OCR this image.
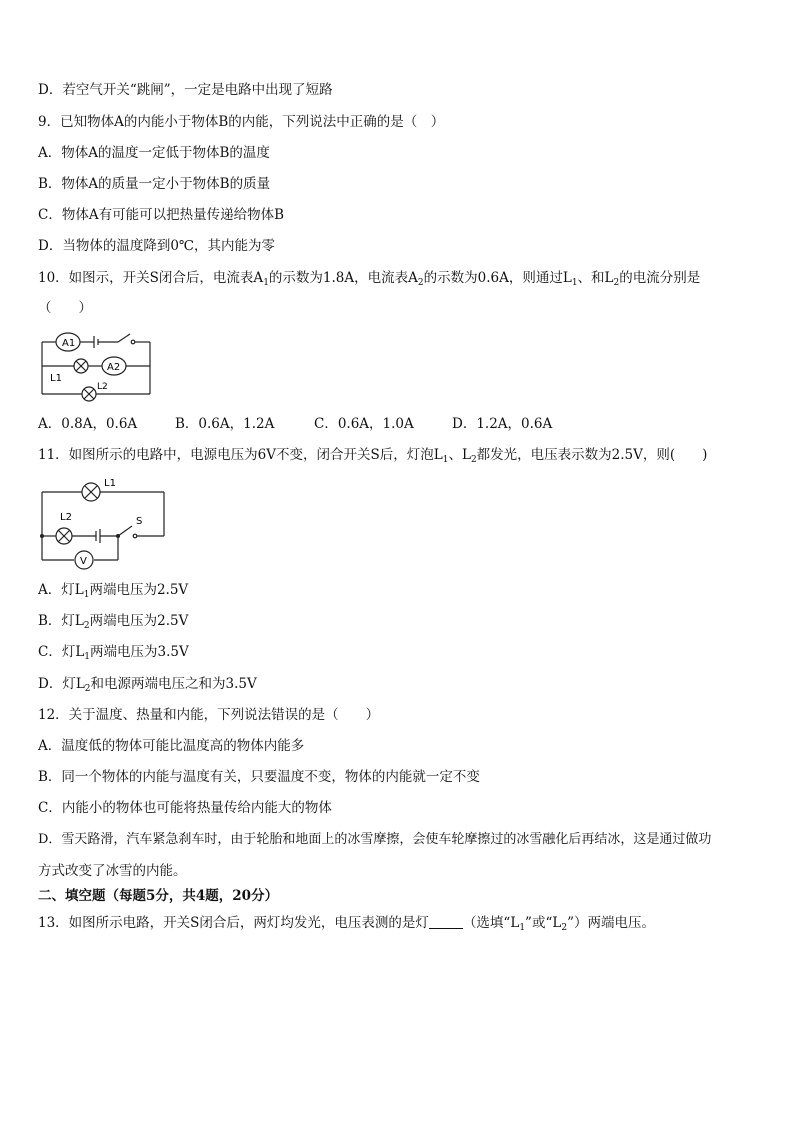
D．若空气开关“跳闸”，一定是电路中出现了短路
9．已知物体A的内能小于物体B的内能，下列说法中正确的是（　）
A．物体A的温度一定低于物体B的温度
B．物体A的质量一定小于物体B的质量
C．物体A有可能可以把热量传递给物体B
D．当物体的温度降到0℃，其内能为零
10．如图示，开关S闭合后，电流表$A_1$的示数为1.8A，电流表$A_2$的示数为0.6A，则通过$L_1$、和$L_2$的电流分别是
（　　）
A1
A2
L1
L2
A．0.8A，0.6A	B．0.6A，1.2A	C．0.6A，1.0A	D．1.2A，0.6A
11．如图所示的电路中，电源电压为6V不变，闭合开关S后，灯泡$L_1$、$L_2$都发光，电压表示数为2.5V，则(　　)
V
L1
L2	S
A．灯$L_1$两端电压为2.5V
B．灯$L_2$两端电压为2.5V
C．灯$L_1$两端电压为3.5V
D．灯$L_2$和电源两端电压之和为3.5V
12．关于温度、热量和内能，下列说法错误的是（　　）
A．温度低的物体可能比温度高的物体内能多
B．同一个物体的内能与温度有关，只要温度不变，物体的内能就一定不变
C．内能小的物体也可能将热量传给内能大的物体
D．雪天路滑，汽车紧急刹车时，由于轮胎和地面上的冰雪摩擦，会使车轮摩擦过的冰雪融化后再结冰，这是通过做功
方式改变了冰雪的内能。
二、填空题（每题5分，共4题，20分）
13．如图所示电路，开关S闭合后，两灯均发光，电压表测的是灯	（选填“$L_1$”或“$L_2$”）两端电压。
